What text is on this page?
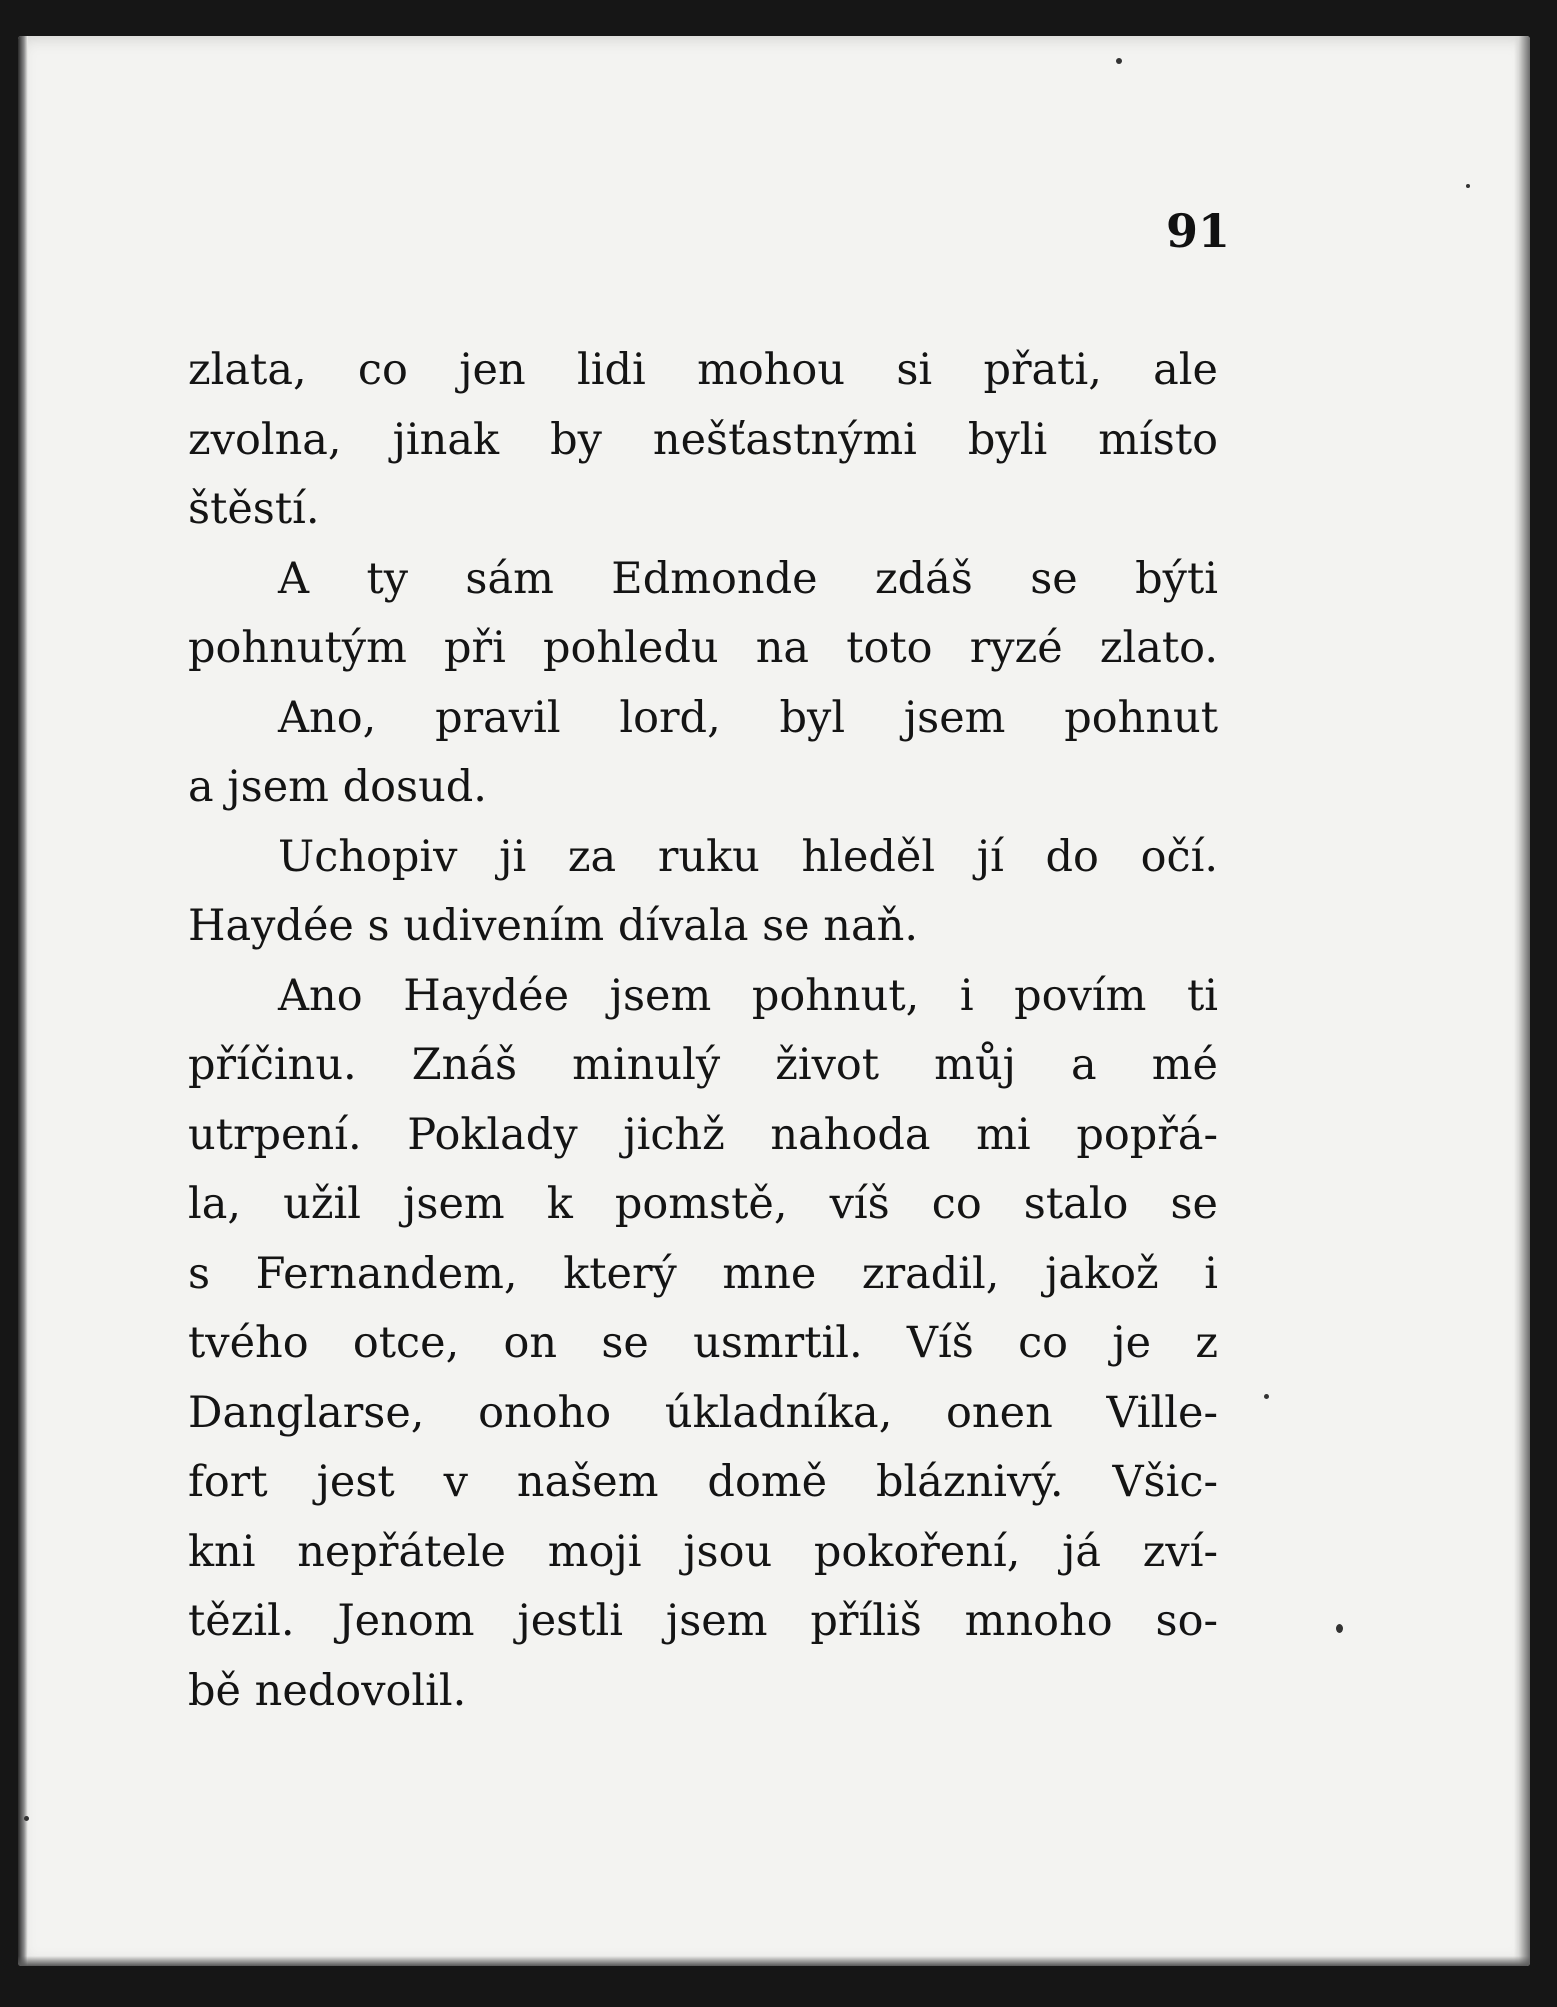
91
zlata, co jen lidi mohou si přati, ale
zvolna, jinak by nešťastnými byli místo
štěstí.
A ty sám Edmonde zdáš se býti
pohnutým při pohledu na toto ryzé zlato.
Ano, pravil lord, byl jsem pohnut
a jsem dosud.
Uchopiv ji za ruku hleděl jí do očí.
Haydée s udivením dívala se naň.
Ano Haydée jsem pohnut, i povím ti
příčinu. Znáš minulý život můj a mé
utrpení. Poklady jichž nahoda mi popřá-
la, užil jsem k pomstě, víš co stalo se
s Fernandem, který mne zradil, jakož i
tvého otce, on se usmrtil. Víš co je z
Danglarse, onoho úkladníka, onen Ville-
fort jest v našem domě bláznivý. Všic-
kni nepřátele moji jsou pokoření, já zví-
tězil. Jenom jestli jsem příliš mnoho so-
bě nedovolil.
